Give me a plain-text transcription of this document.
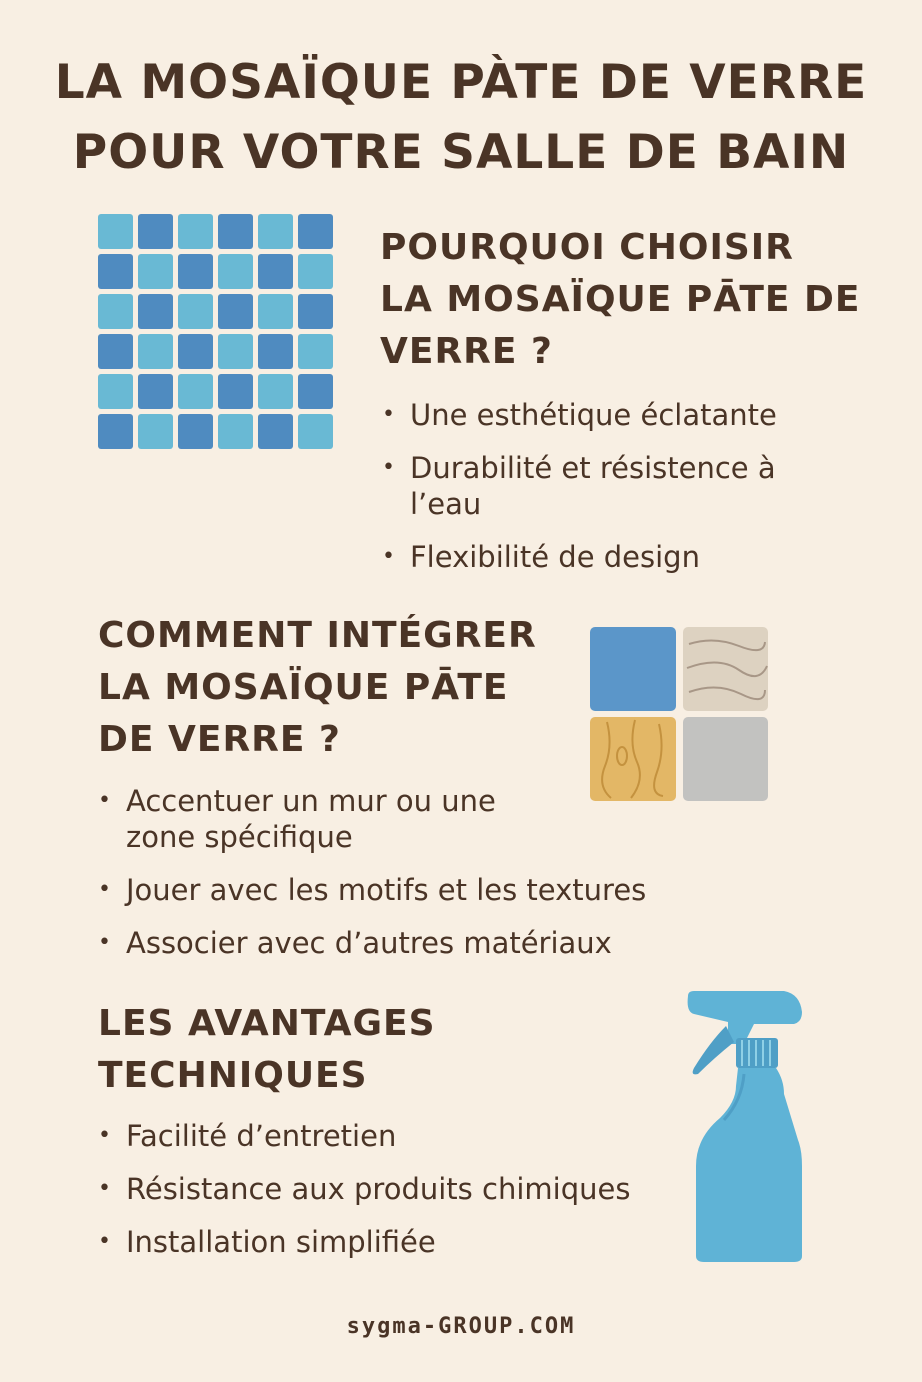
LA MOSAÏQUE PÀTE DE VERRE
POUR VOTRE SALLE DE BAIN
POURQUOI CHOISIR
LA MOSAÏQUE PĀTE DE
VERRE ?
• Une esthétique éclatante
• Durabilité et résistence à
l’eau
• Flexibilité de design
COMMENT INTÉGRER
LA MOSAÏQUE PĀTE
DE VERRE ?
• Accentuer un mur ou une
zone spécifique
• Jouer avec les motifs et les textures
• Associer avec d’autres matériaux
LES AVANTAGES
TECHNIQUES
• Facilité d’entretien
• Résistance aux produits chimiques
• Installation simplifiée
sygma-GROUP.COM
